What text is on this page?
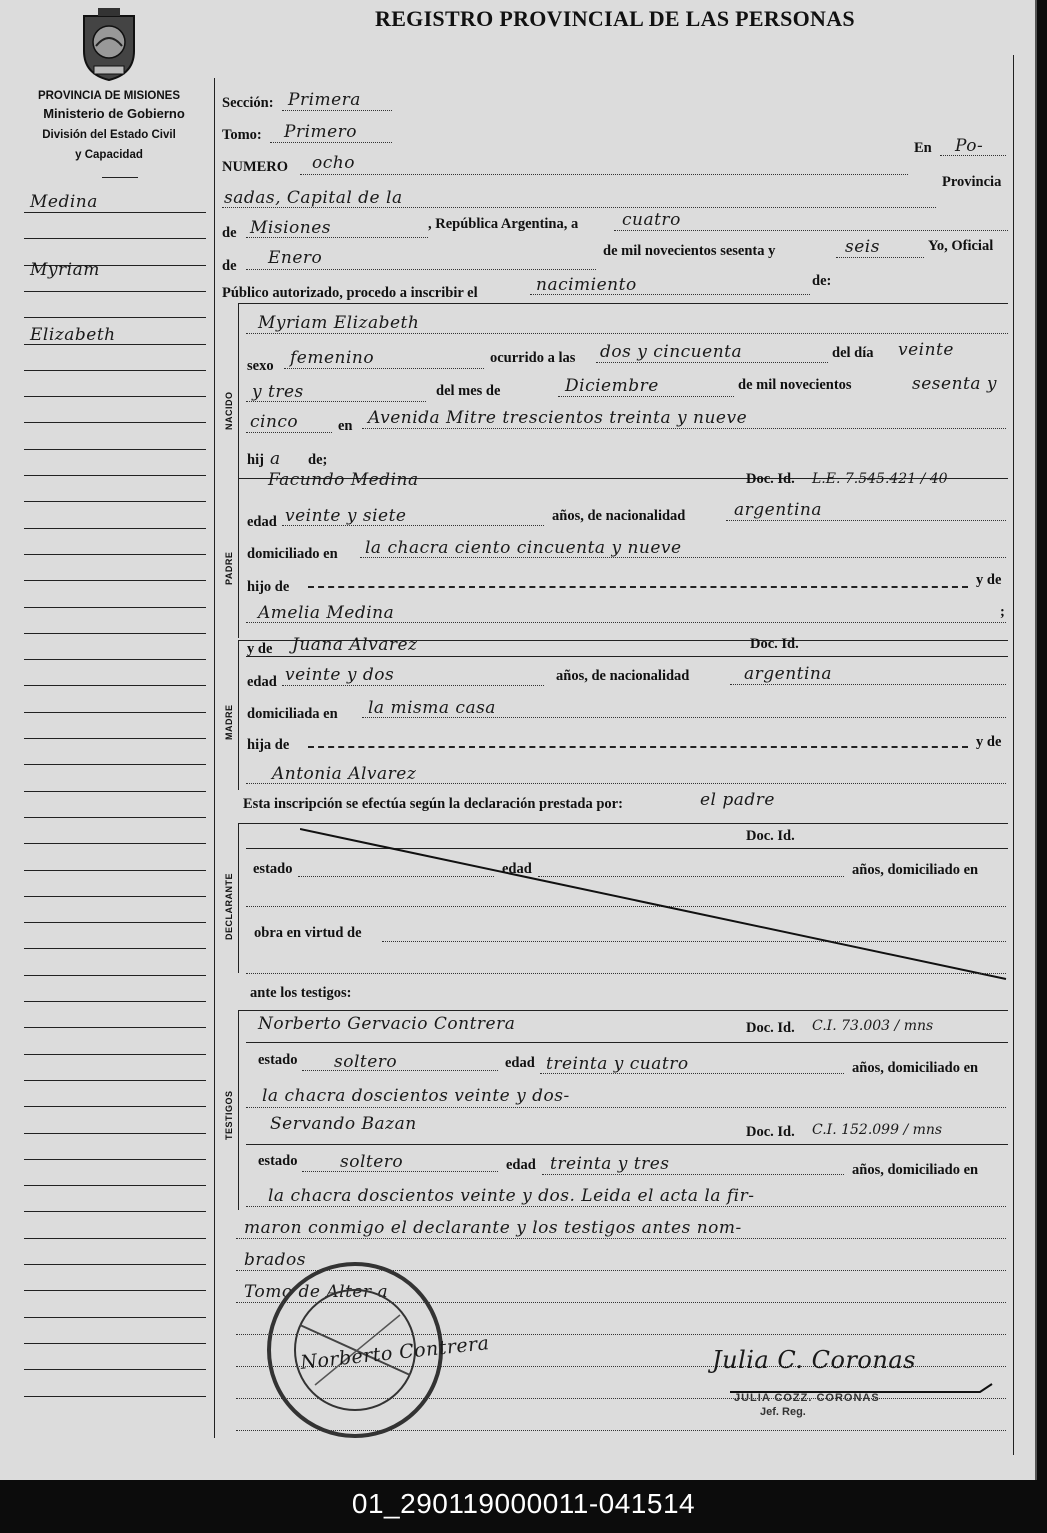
PROVINCIA DE MISIONES
Ministerio de Gobierno
División del Estado Civil
y Capacidad
REGISTRO PROVINCIAL DE LAS PERSONAS
Medina
Myriam
Elizabeth
Sección: Primera
Tomo: Primero
NUMERO ocho
En Po-
sadas, Capital de la
Provincia
de Misiones	, República Argentina, a	cuatro
de Enero	de mil novecientos sesenta y	seis	Yo, Oficial
Público autorizado, procedo a inscribir el	nacimiento	de:
NACIDO
Myriam Elizabeth
sexo femenino	ocurrido a las dos y cincuenta	del día veinte
y tres	del mes de	Diciembre	de mil novecientos	sesenta y
cinco	en Avenida Mitre trescientos treinta y nueve
hij a de;
PADRE
Facundo Medina	Doc. Id. L.E. 7.545.421 / 40
edad veinte y siete	años, de nacionalidad	argentina
domiciliado en la chacra ciento cincuenta y nueve
hijo de	y de
Amelia Medina	;
MADRE
y de Juana Alvarez	Doc. Id.
edad veinte y dos	años, de nacionalidad	argentina
domiciliada en la misma casa
hija de	y de
Antonia Alvarez
Esta inscripción se efectúa según la declaración prestada por:	el padre
DECLARANTE
Doc. Id.
estado	edad	años, domiciliado en
obra en virtud de
ante los testigos:
TESTIGOS
Norberto Gervacio Contrera	Doc. Id. C.I. 73.003 / mns
estado soltero	edad treinta y cuatro	años, domiciliado en
la chacra doscientos veinte y dos-
Servando Bazan	Doc. Id. C.I. 152.099 / mns
estado	soltero	edad treinta y tres	años, domiciliado en
la chacra doscientos veinte y dos. Leida el acta la fir-
maron conmigo el declarante y los testigos antes nom-
brados
Tomo de Alter a
Norberto Contrera	Julia C. Coronas
JULIA COZZ. CORONAS
Jef. Reg.
01_290119000011-041514
